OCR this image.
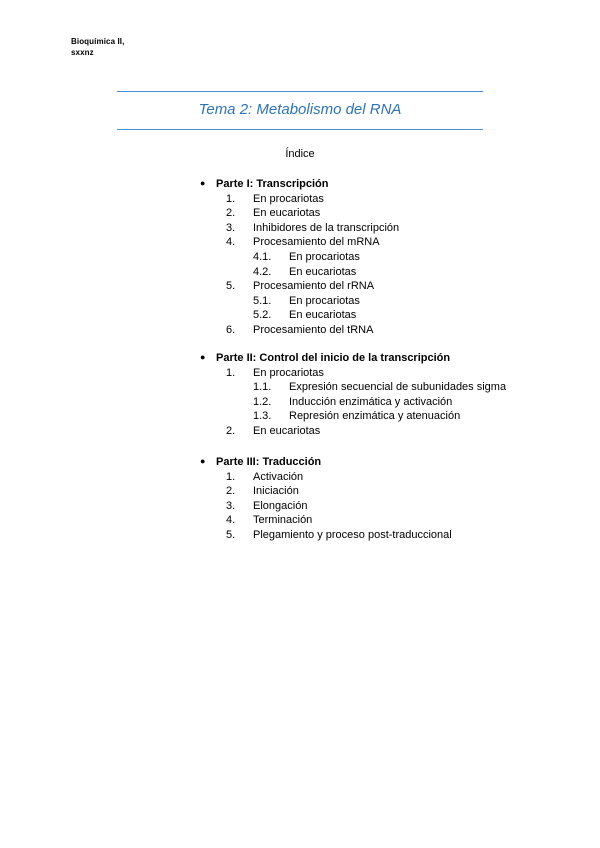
Bioquímica II,
sxxnz
Tema 2: Metabolismo del RNA
Índice
● Parte I: Transcripción
1. En procariotas
2. En eucariotas
3. Inhibidores de la transcripción
4. Procesamiento del mRNA
4.1. En procariotas
4.2. En eucariotas
5. Procesamiento del rRNA
5.1. En procariotas
5.2. En eucariotas
6. Procesamiento del tRNA
● Parte II: Control del inicio de la transcripción
1. En procariotas
1.1. Expresión secuencial de subunidades sigma
1.2. Inducción enzimática y activación
1.3. Represión enzimática y atenuación
2. En eucariotas
● Parte III: Traducción
1. Activación
2. Iniciación
3. Elongación
4. Terminación
5. Plegamiento y proceso post-traduccional
